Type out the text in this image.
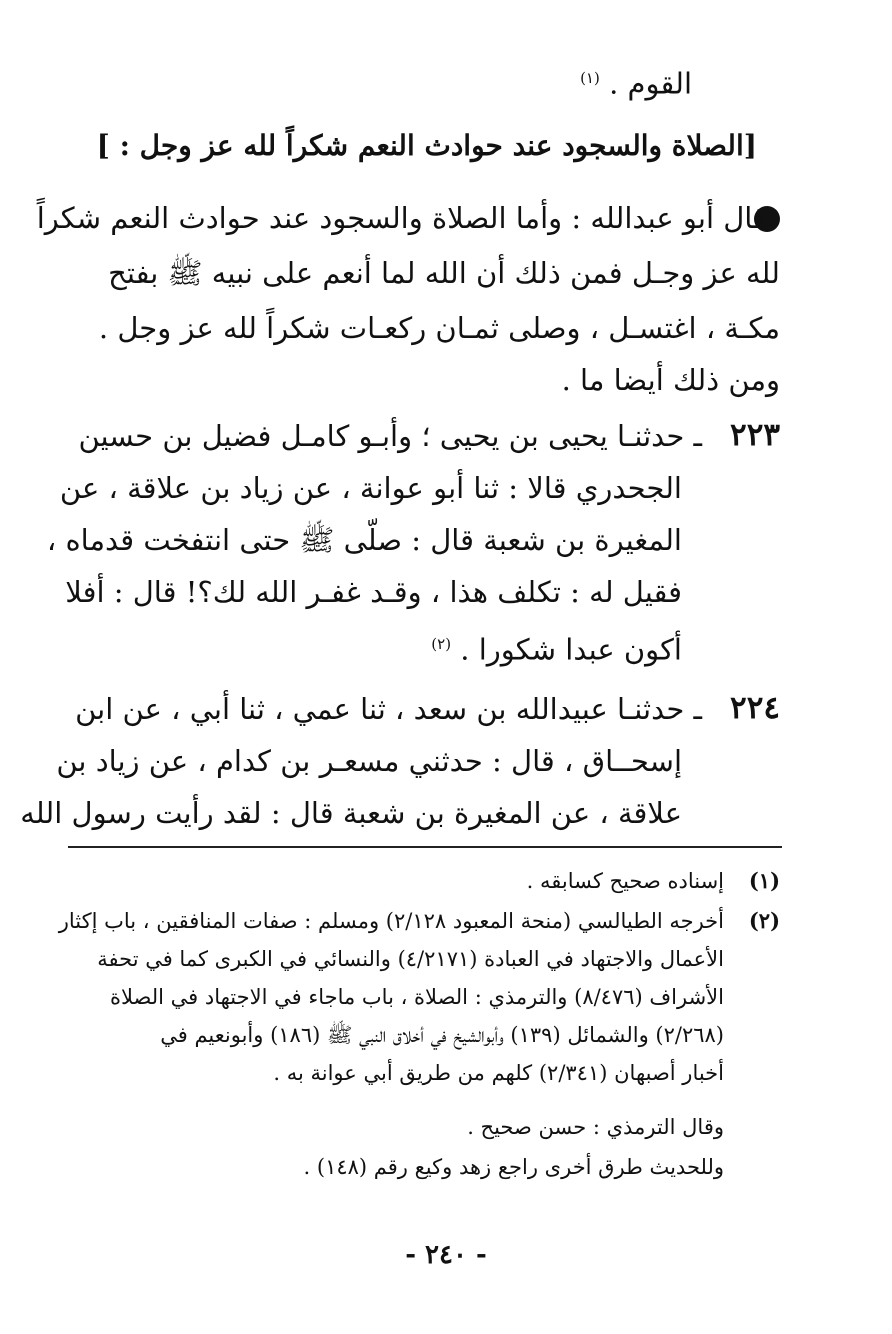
القوم . $^{(١)}$
[الصلاة والسجود عند حوادث النعم شكراً لله عز وجل : ]
قال أبو عبدالله : وأما الصلاة والسجود عند حوادث النعم شكراً
لله عز وجـل فمن ذلك أن الله لما أنعم على نبيه ﷺ بفتح
مكـة ، اغتسـل ، وصلى ثمـان ركعـات شكراً لله عز وجل .
ومن ذلك أيضا ما .
٢٢٣
ـ حدثنـا يحيى بن يحيى ؛ وأبـو كامـل فضيل بن حسين
الجحدري قالا : ثنا أبو عوانة ، عن زياد بن علاقة ، عن
المغيرة بن شعبة قال : صلّى ﷺ حتى انتفخت قدماه ،
فقيل له : تكلف هذا ، وقـد غفـر الله لك؟! قال : أفلا
أكون عبدا شكورا . $^{(٢)}$
٢٢٤
ـ حدثنـا عبيدالله بن سعد ، ثنا عمي ، ثنا أبي ، عن ابن
إسحــاق ، قال : حدثني مسعـر بن كدام ، عن زياد بن
علاقة ، عن المغيرة بن شعبة قال : لقد رأيت رسول الله
(١)
إسناده صحيح كسابقه .
(٢)
أخرجه الطيالسي (منحة المعبود ٢/١٢٨) ومسلم : صفات المنافقين ، باب إكثار
الأعمال والاجتهاد في العبادة (٤/٢١٧١) والنسائي في الكبرى كما في تحفة
الأشراف (٨/٤٧٦) والترمذي : الصلاة ، باب ماجاء في الاجتهاد في الصلاة
(٢/٢٦٨) والشمائل (١٣٩) وأبوالشيخ في أخلاق النبي ﷺ (١٨٦) وأبونعيم في
أخبار أصبهان (٢/٣٤١) كلهم من طريق أبي عوانة به .
وقال الترمذي : حسن صحيح .
وللحديث طرق أخرى راجع زهد وكيع رقم (١٤٨) .
- ٢٤٠ -
